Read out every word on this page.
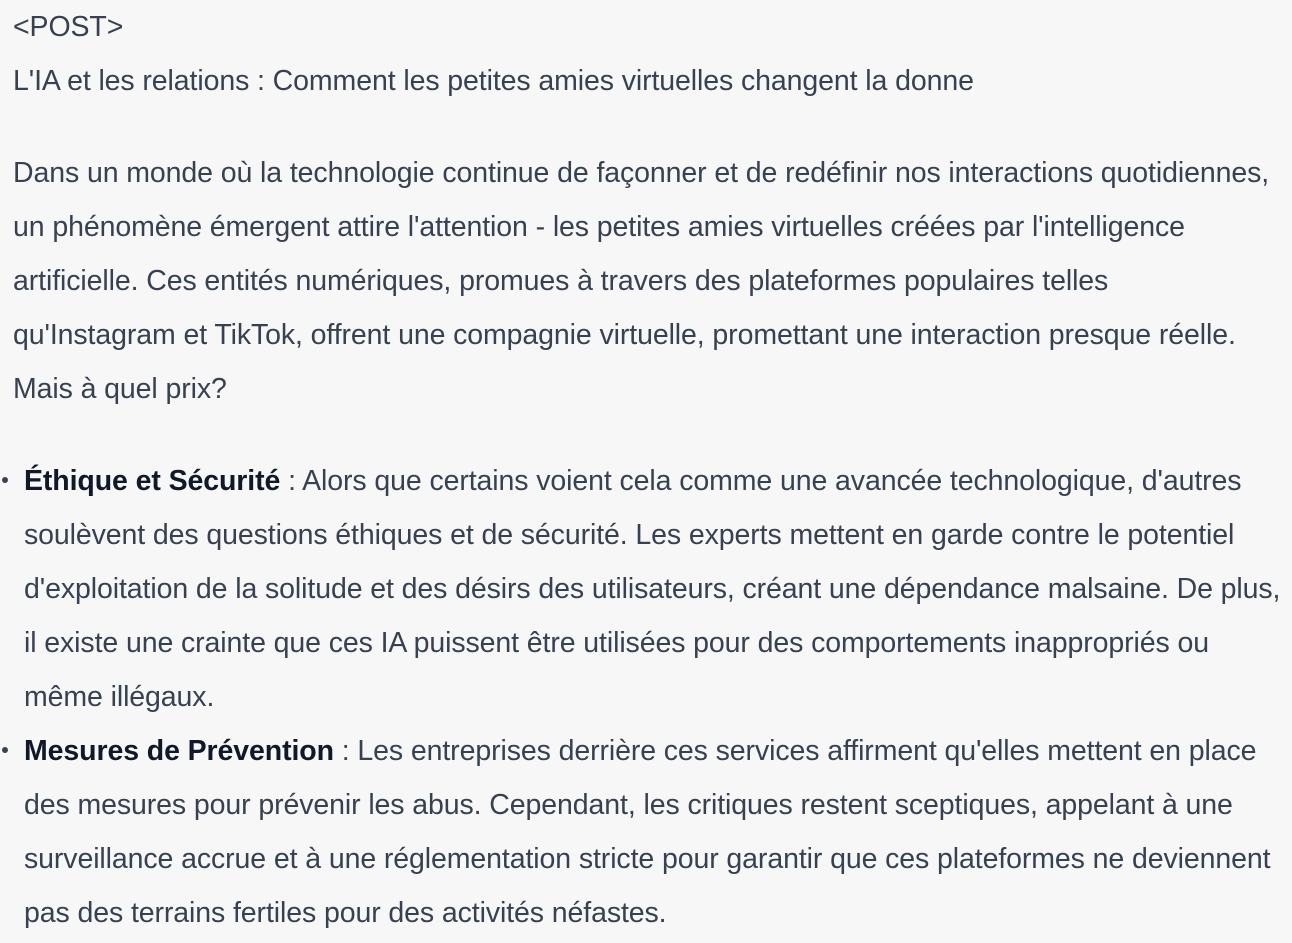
<POST>

L'IA et les relations : Comment les petites amies virtuelles changent la donne

Dans un monde où la technologie continue de façonner et de redéfinir nos interactions quotidiennes, un phénomène émergent attire l'attention - les petites amies virtuelles créées par l'intelligence artificielle. Ces entités numériques, promues à travers des plateformes populaires telles qu'Instagram et TikTok, offrent une compagnie virtuelle, promettant une interaction presque réelle. Mais à quel prix?

Éthique et Sécurité : Alors que certains voient cela comme une avancée technologique, d'autres soulèvent des questions éthiques et de sécurité. Les experts mettent en garde contre le potentiel d'exploitation de la solitude et des désirs des utilisateurs, créant une dépendance malsaine. De plus, il existe une crainte que ces IA puissent être utilisées pour des comportements inappropriés ou même illégaux.
Mesures de Prévention : Les entreprises derrière ces services affirment qu'elles mettent en place des mesures pour prévenir les abus. Cependant, les critiques restent sceptiques, appelant à une surveillance accrue et à une réglementation stricte pour garantir que ces plateformes ne deviennent pas des terrains fertiles pour des activités néfastes.
